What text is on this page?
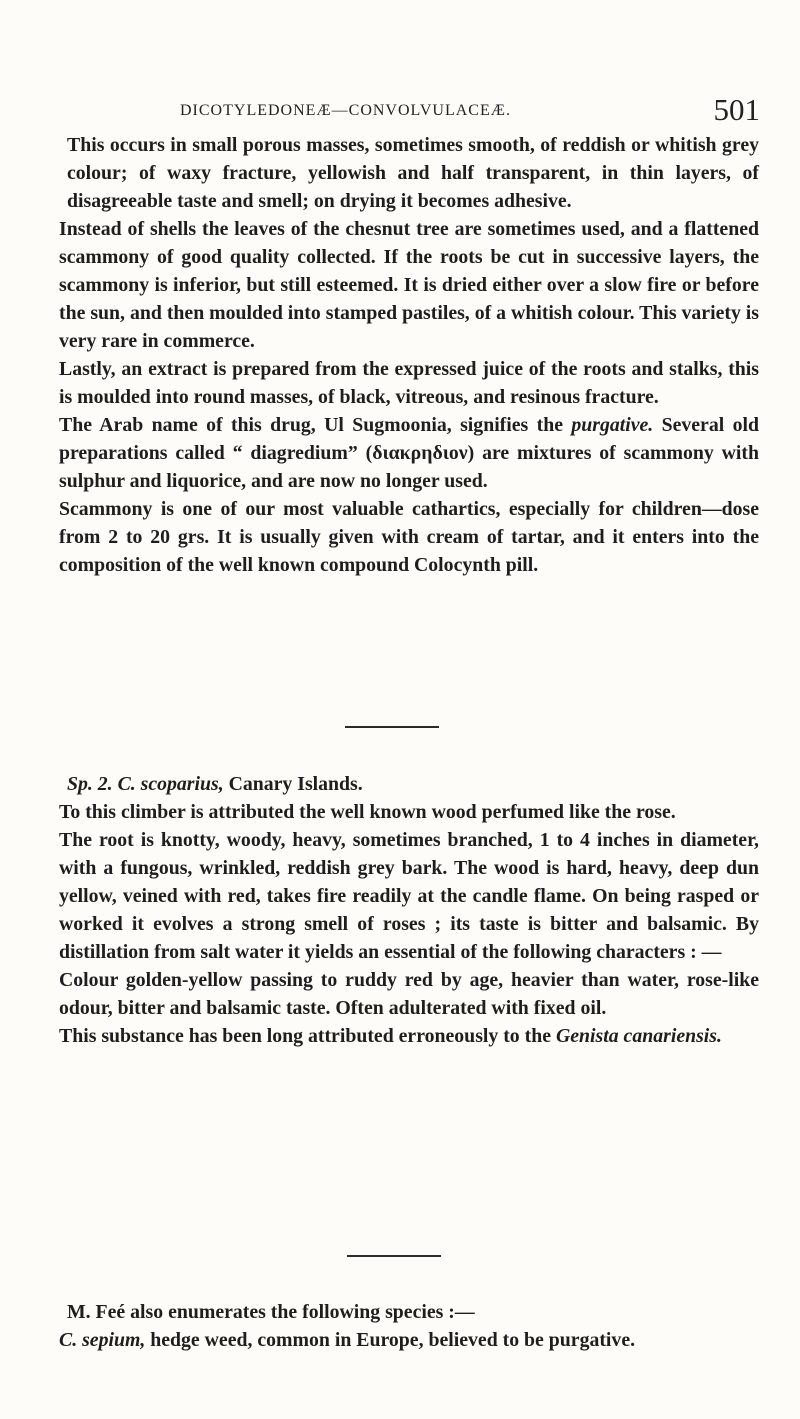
DICOTYLEDONEÆ—CONVOLVULACEÆ.	501

This occurs in small porous masses, sometimes smooth, of reddish or whitish grey colour; of waxy fracture, yellowish and half transparent, in thin layers, of disagreeable taste and smell; on drying it becomes adhesive.

Instead of shells the leaves of the chesnut tree are sometimes used, and a flattened scammony of good quality collected. If the roots be cut in successive layers, the scammony is inferior, but still esteemed. It is dried either over a slow fire or before the sun, and then moulded into stamped pastiles, of a whitish colour. This variety is very rare in commerce.

Lastly, an extract is prepared from the expressed juice of the roots and stalks, this is moulded into round masses, of black, vitreous, and resinous fracture.

The Arab name of this drug, Ul Sugmoonia, signifies the purgative. Several old preparations called “ diagredium” (διακρηδιον) are mixtures of scammony with sulphur and liquorice, and are now no longer used.

Scammony is one of our most valuable cathartics, especially for children—dose from 2 to 20 grs. It is usually given with cream of tartar, and it enters into the composition of the well known compound Colocynth pill.

Sp. 2. C. scoparius, Canary Islands.

To this climber is attributed the well known wood perfumed like the rose.

The root is knotty, woody, heavy, sometimes branched, 1 to 4 inches in diameter, with a fungous, wrinkled, reddish grey bark. The wood is hard, heavy, deep dun yellow, veined with red, takes fire readily at the candle flame. On being rasped or worked it evolves a strong smell of roses ; its taste is bitter and balsamic. By distillation from salt water it yields an essential of the following characters : —

Colour golden-yellow passing to ruddy red by age, heavier than water, rose-like odour, bitter and balsamic taste. Often adulterated with fixed oil.

This substance has been long attributed erroneously to the Genista canariensis.

M. Feé also enumerates the following species :—

C. sepium, hedge weed, common in Europe, believed to be purgative.
